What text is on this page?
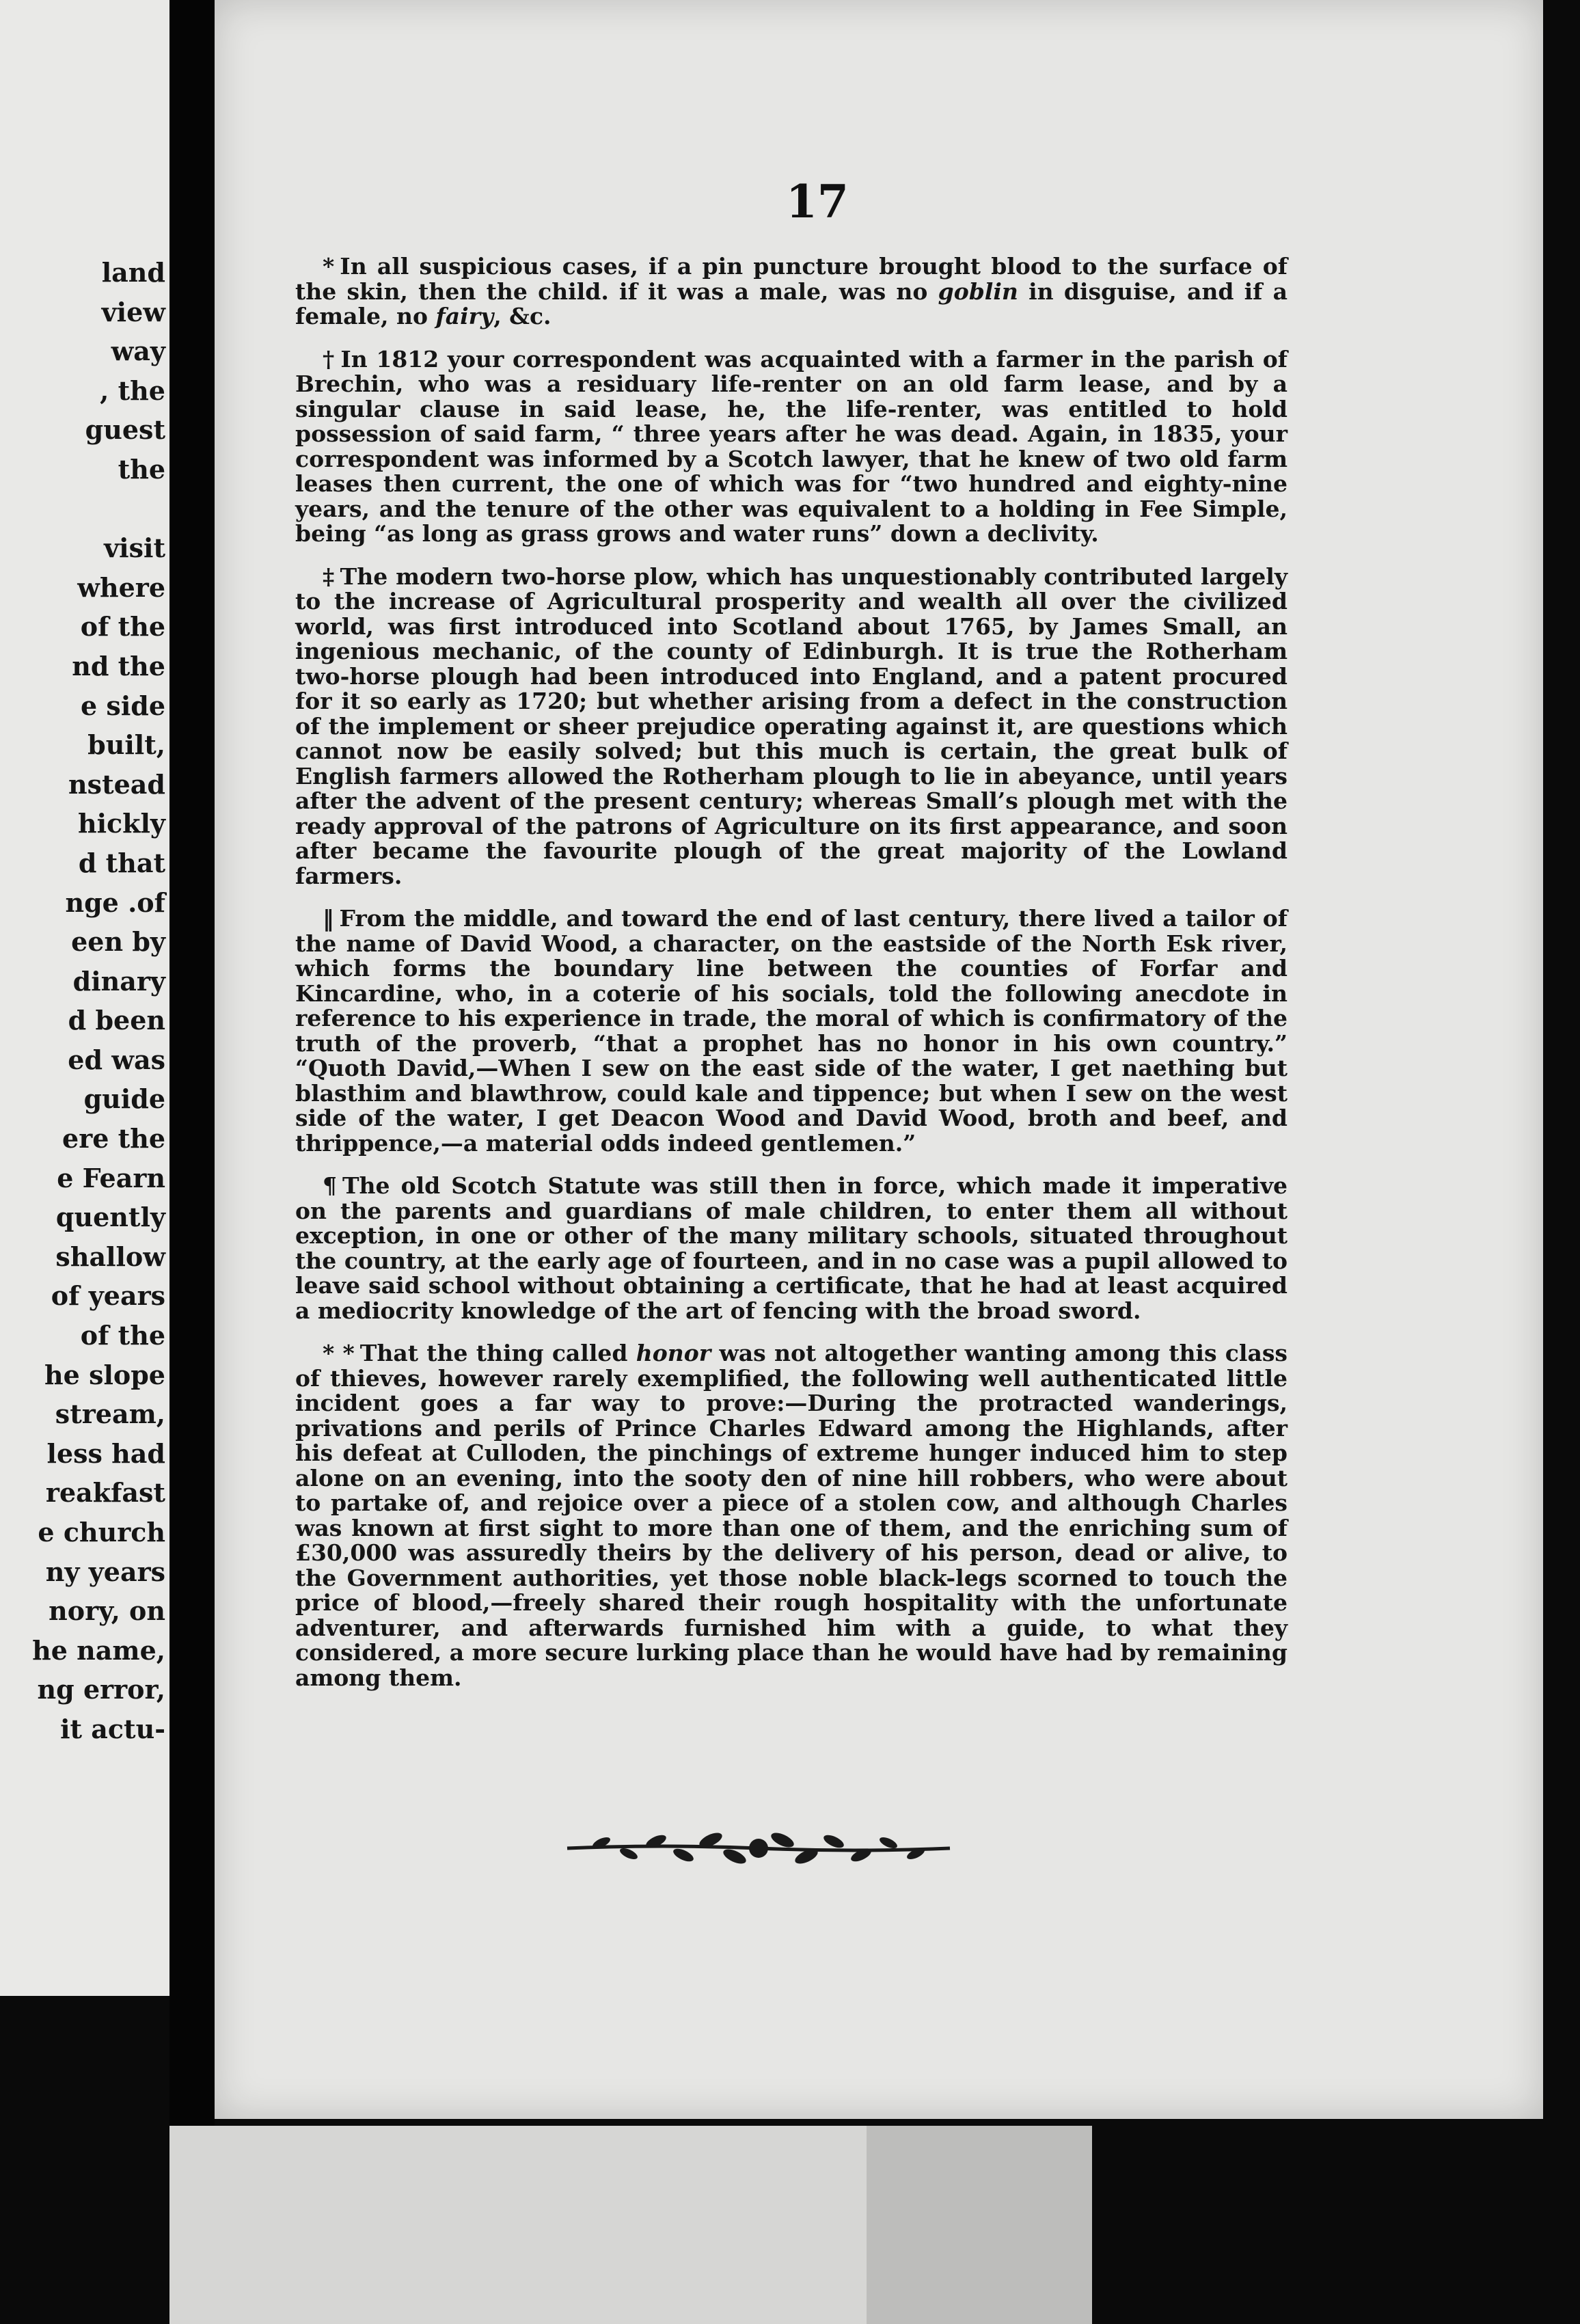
land
view
way
, the
guest
the
visit
where
of the
nd the
e side
built,
nstead
hickly
d that
nge .of
een by
dinary
d been
ed was
guide
ere the
e Fearn
quently
shallow
of years
of the
he slope
stream,
less had
reakfast
e church
ny years
nory, on
he name,
ng error,
it actu-
17

* In all suspicious cases, if a pin puncture brought blood to the surface of the skin, then the child. if it was a male, was no goblin in disguise, and if a female, no fairy, &c.

† In 1812 your correspondent was acquainted with a farmer in the parish of Brechin, who was a residuary life-renter on an old farm lease, and by a singular clause in said lease, he, the life-renter, was entitled to hold possession of said farm, “ three years after he was dead. Again, in 1835, your correspondent was informed by a Scotch lawyer, that he knew of two old farm leases then current, the one of which was for “two hundred and eighty-nine years, and the tenure of the other was equivalent to a holding in Fee Simple, being “as long as grass grows and water runs” down a declivity.

‡ The modern two-horse plow, which has unquestionably contributed largely to the increase of Agricultural prosperity and wealth all over the civilized world, was first introduced into Scotland about 1765, by James Small, an ingenious mechanic, of the county of Edinburgh. It is true the Rotherham two-horse plough had been introduced into England, and a patent procured for it so early as 1720; but whether arising from a defect in the construction of the implement or sheer prejudice operating against it, are questions which cannot now be easily solved; but this much is certain, the great bulk of English farmers allowed the Rotherham plough to lie in abeyance, until years after the advent of the present century; whereas Small’s plough met with the ready approval of the patrons of Agriculture on its first appearance, and soon after became the favourite plough of the great majority of the Lowland farmers.

‖ From the middle, and toward the end of last century, there lived a tailor of the name of David Wood, a character, on the eastside of the North Esk river, which forms the boundary line between the counties of Forfar and Kincardine, who, in a coterie of his socials, told the following anecdote in reference to his experience in trade, the moral of which is confirmatory of the truth of the proverb, “that a prophet has no honor in his own country.” “Quoth David,—When I sew on the east side of the water, I get naething but blasthim and blawthrow, could kale and tippence; but when I sew on the west side of the water, I get Deacon Wood and David Wood, broth and beef, and thrippence,—a material odds indeed gentlemen.”

¶ The old Scotch Statute was still then in force, which made it imperative on the parents and guardians of male children, to enter them all without exception, in one or other of the many military schools, situated throughout the country, at the early age of fourteen, and in no case was a pupil allowed to leave said school without obtaining a certificate, that he had at least acquired a mediocrity knowledge of the art of fencing with the broad sword.

* * That the thing called honor was not altogether wanting among this class of thieves, however rarely exemplified, the following well authenticated little incident goes a far way to prove:—During the protracted wanderings, privations and perils of Prince Charles Edward among the Highlands, after his defeat at Culloden, the pinchings of extreme hunger induced him to step alone on an evening, into the sooty den of nine hill robbers, who were about to partake of, and rejoice over a piece of a stolen cow, and although Charles was known at first sight to more than one of them, and the enriching sum of £30,000 was assuredly theirs by the delivery of his person, dead or alive, to the Government authorities, yet those noble black-legs scorned to touch the price of blood,—freely shared their rough hospitality with the unfortunate adventurer, and afterwards furnished him with a guide, to what they considered, a more secure lurking place than he would have had by remaining among them.
